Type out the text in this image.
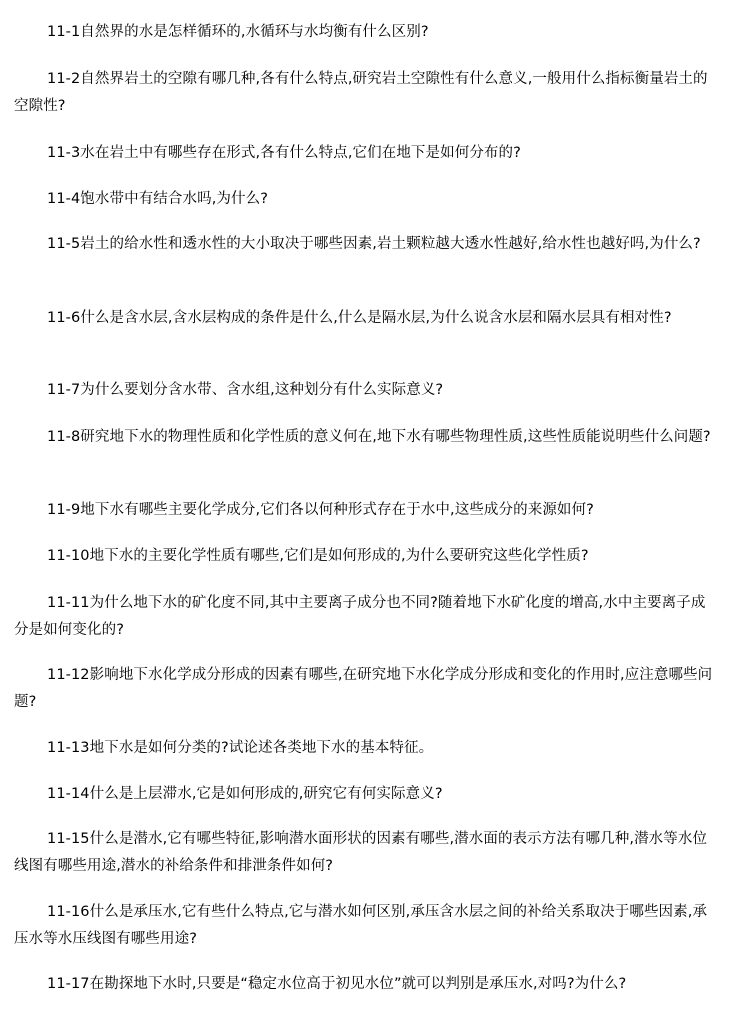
11-1自然界的水是怎样循环的,水循环与水均衡有什么区别?

11-2自然界岩土的空隙有哪几种,各有什么特点,研究岩土空隙性有什么意义,一般用什么指标衡量岩土的空隙性?

11-3水在岩土中有哪些存在形式,各有什么特点,它们在地下是如何分布的?

11-4饱水带中有结合水吗,为什么?

11-5岩土的给水性和透水性的大小取决于哪些因素,岩土颗粒越大透水性越好,给水性也越好吗,为什么?

11-6什么是含水层,含水层构成的条件是什么,什么是隔水层,为什么说含水层和隔水层具有相对性?

11-7为什么要划分含水带、含水组,这种划分有什么实际意义?

11-8研究地下水的物理性质和化学性质的意义何在,地下水有哪些物理性质,这些性质能说明些什么问题?

11-9地下水有哪些主要化学成分,它们各以何种形式存在于水中,这些成分的来源如何?

11-10地下水的主要化学性质有哪些,它们是如何形成的,为什么要研究这些化学性质?

11-11为什么地下水的矿化度不同,其中主要离子成分也不同?随着地下水矿化度的增高,水中主要离子成分是如何变化的?

11-12影响地下水化学成分形成的因素有哪些,在研究地下水化学成分形成和变化的作用时,应注意哪些问题?

11-13地下水是如何分类的?试论述各类地下水的基本特征。

11-14什么是上层滞水,它是如何形成的,研究它有何实际意义?

11-15什么是潜水,它有哪些特征,影响潜水面形状的因素有哪些,潜水面的表示方法有哪几种,潜水等水位线图有哪些用途,潜水的补给条件和排泄条件如何?

11-16什么是承压水,它有些什么特点,它与潜水如何区别,承压含水层之间的补给关系取决于哪些因素,承压水等水压线图有哪些用途?

11-17在勘探地下水时,只要是“稳定水位高于初见水位”就可以判别是承压水,对吗?为什么?
